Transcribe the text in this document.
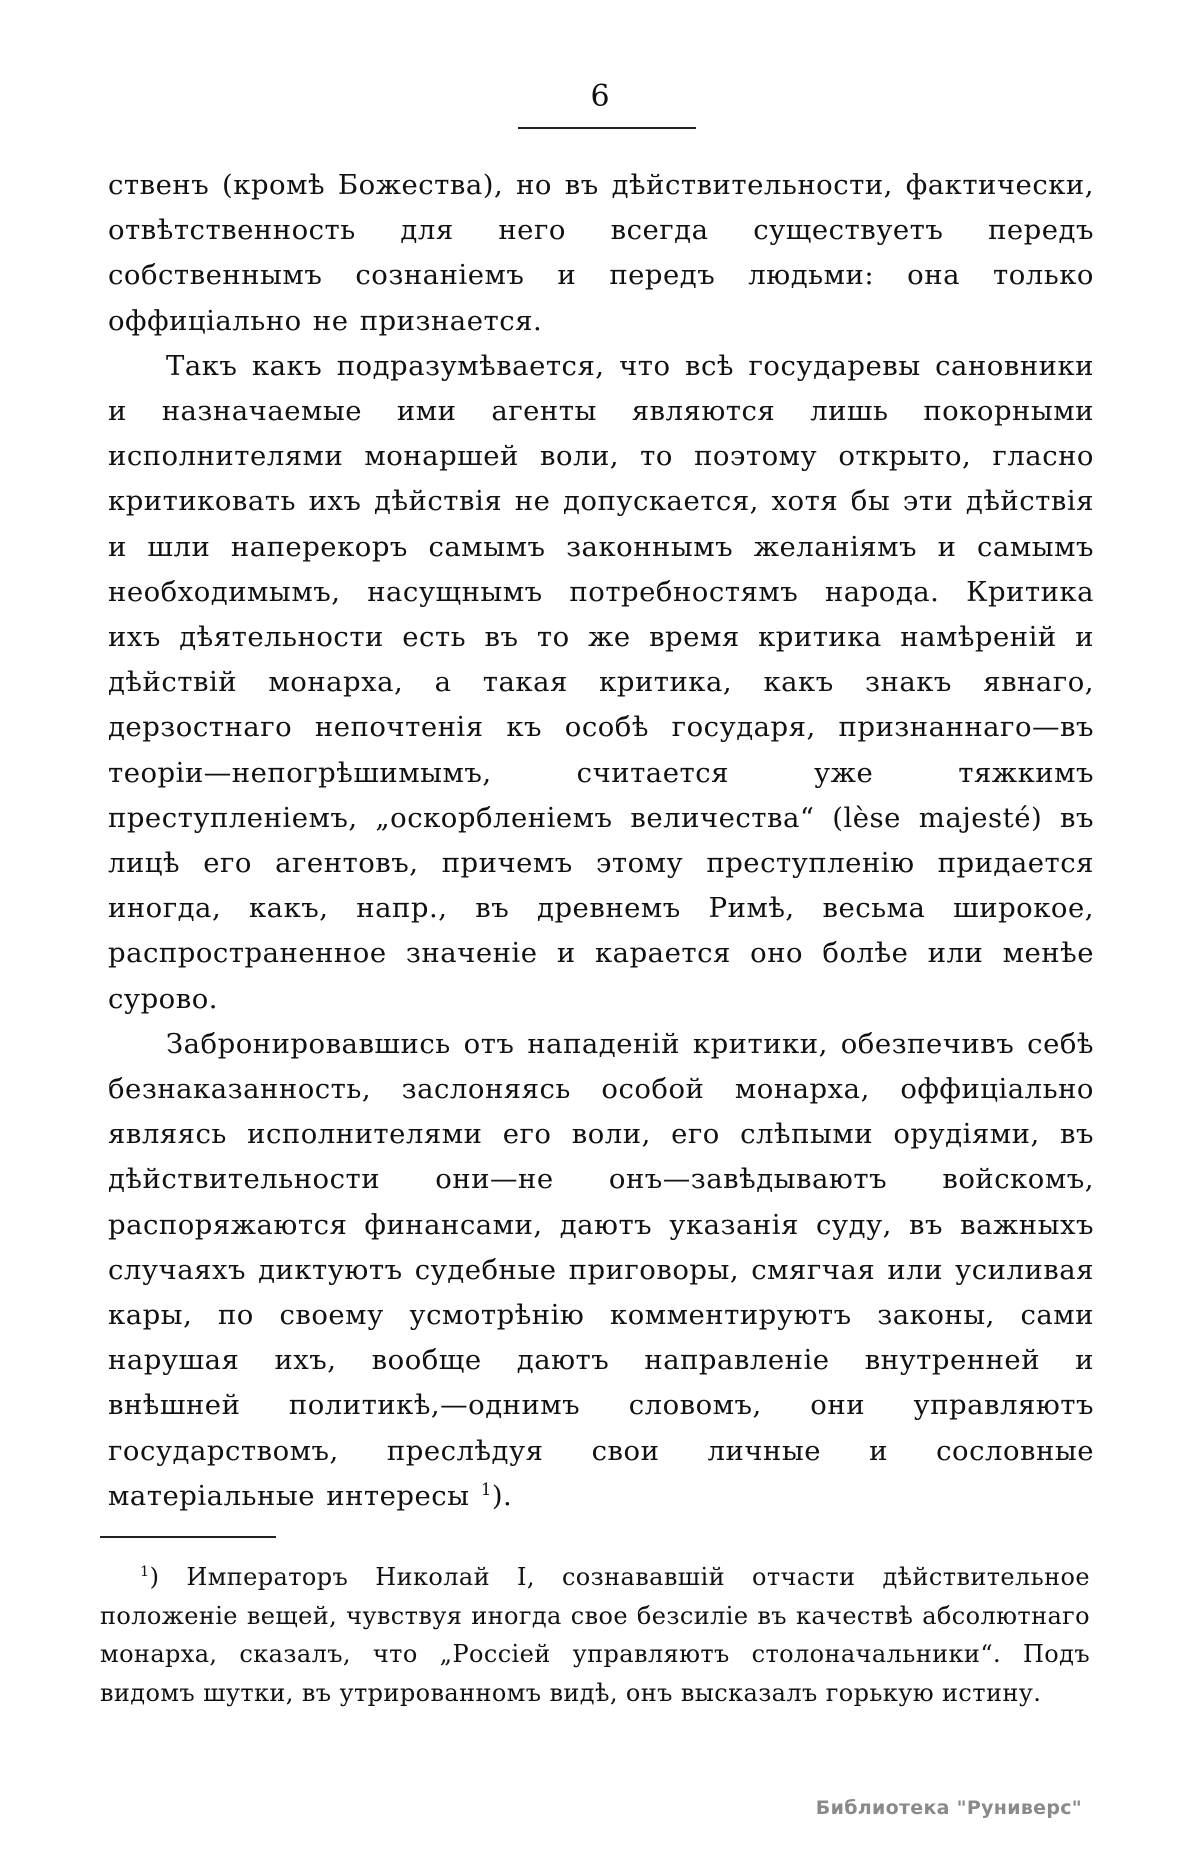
6

ственъ (кромѣ Божества), но въ дѣйствительности, фактически, отвѣтственность для него всегда существуетъ передъ собственнымъ сознанiемъ и передъ людьми: она только оффицiально не признается.

Такъ какъ подразумѣвается, что всѣ государевы сановники и назначаемые ими агенты являются лишь покорными исполнителями монаршей воли, то поэтому открыто, гласно критиковать ихъ дѣйствiя не допускается, хотя бы эти дѣйствiя и шли наперекоръ самымъ законнымъ желанiямъ и самымъ необходимымъ, насущнымъ потребностямъ народа. Критика ихъ дѣятельности есть въ то же время критика намѣренiй и дѣйствiй монарха, а такая критика, какъ знакъ явнаго, дерзостнаго непочтенiя къ особѣ государя, признаннаго—въ теорiи—непогрѣшимымъ, считается уже тяжкимъ преступленiемъ, „оскорбленiемъ величества“ (lèse majesté) въ лицѣ его агентовъ, причемъ этому преступленiю придается иногда, какъ, напр., въ древнемъ Римѣ, весьма широкое, распространенное значенiе и карается оно болѣе или менѣе сурово.

Забронировавшись отъ нападенiй критики, обезпечивъ себѣ безнаказанность, заслоняясь особой монарха, оффицiально являясь исполнителями его воли, его слѣпыми орудiями, въ дѣйствительности они—не онъ—завѣдываютъ войскомъ, распоряжаются финансами, даютъ указанiя суду, въ важныхъ случаяхъ диктуютъ судебные приговоры, смягчая или усиливая кары, по своему усмотрѣнiю комментируютъ законы, сами нарушая ихъ, вообще даютъ направленiе внутренней и внѣшней политикѣ,—однимъ словомъ, они управляютъ государствомъ, преслѣдуя свои личные и сословные матерiальные интересы $^1$).

$^1$) Императоръ Николай I, сознававшiй отчасти дѣйствительное положенiе вещей, чувствуя иногда свое безсилiе въ качествѣ абсолютнаго монарха, сказалъ, что „Россiей управляютъ столоначальники“. Подъ видомъ шутки, въ утрированномъ видѣ, онъ высказалъ горькую истину.

Библиотека "Руниверс"
